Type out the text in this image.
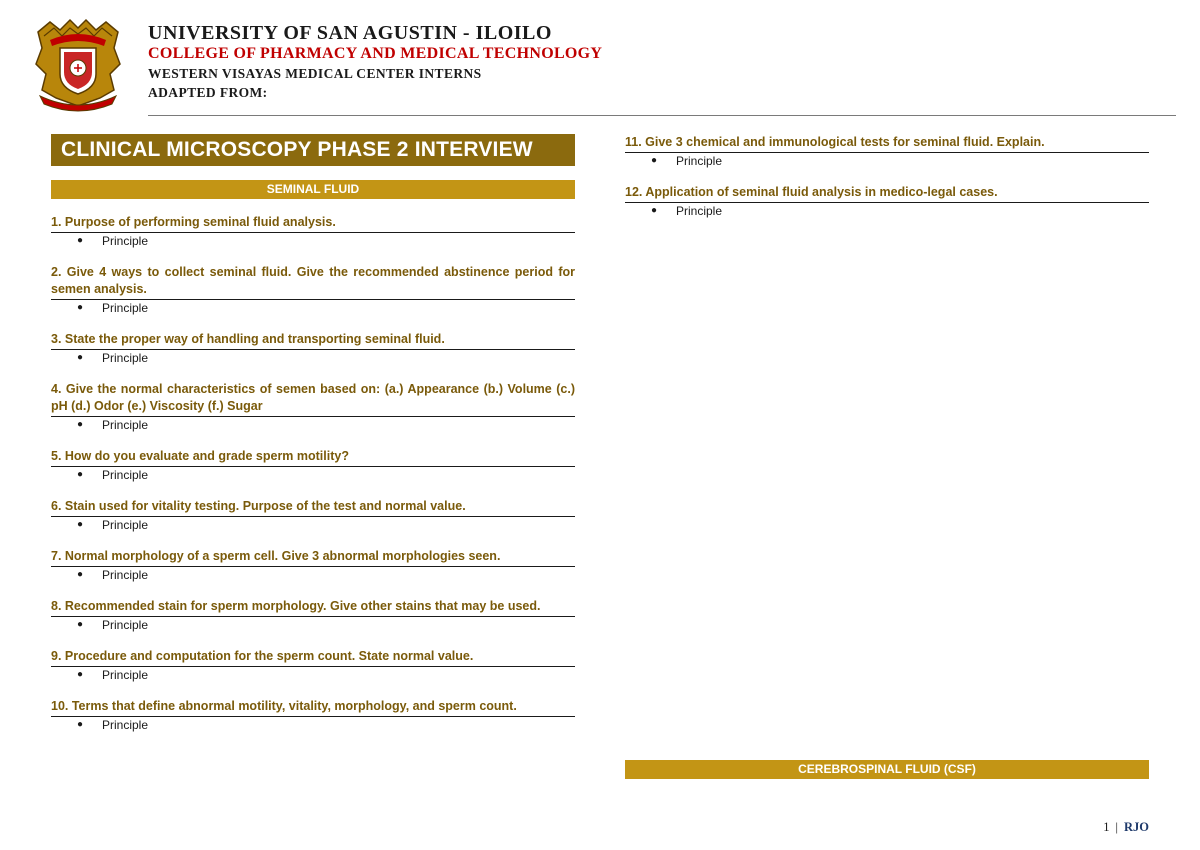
UNIVERSITY OF SAN AGUSTIN - ILOILO
COLLEGE OF PHARMACY AND MEDICAL TECHNOLOGY
WESTERN VISAYAS MEDICAL CENTER INTERNS
ADAPTED FROM:
CLINICAL MICROSCOPY PHASE 2 INTERVIEW
SEMINAL FLUID
1. Purpose of performing seminal fluid analysis.
●	Principle
2. Give 4 ways to collect seminal fluid. Give the recommended abstinence period for semen analysis.
●	Principle
3. State the proper way of handling and transporting seminal fluid.
●	Principle
4. Give the normal characteristics of semen based on: (a.) Appearance (b.) Volume (c.) pH (d.) Odor (e.) Viscosity (f.) Sugar
●	Principle
5. How do you evaluate and grade sperm motility?
●	Principle
6. Stain used for vitality testing. Purpose of the test and normal value.
●	Principle
7. Normal morphology of a sperm cell. Give 3 abnormal morphologies seen.
●	Principle
8. Recommended stain for sperm morphology. Give other stains that may be used.
●	Principle
9. Procedure and computation for the sperm count. State normal value.
●	Principle
10. Terms that define abnormal motility, vitality, morphology, and sperm count.
●	Principle
11. Give 3 chemical and immunological tests for seminal fluid. Explain.
●	Principle
12. Application of seminal fluid analysis in medico-legal cases.
●	Principle
CEREBROSPINAL FLUID (CSF)
1 | RJO
